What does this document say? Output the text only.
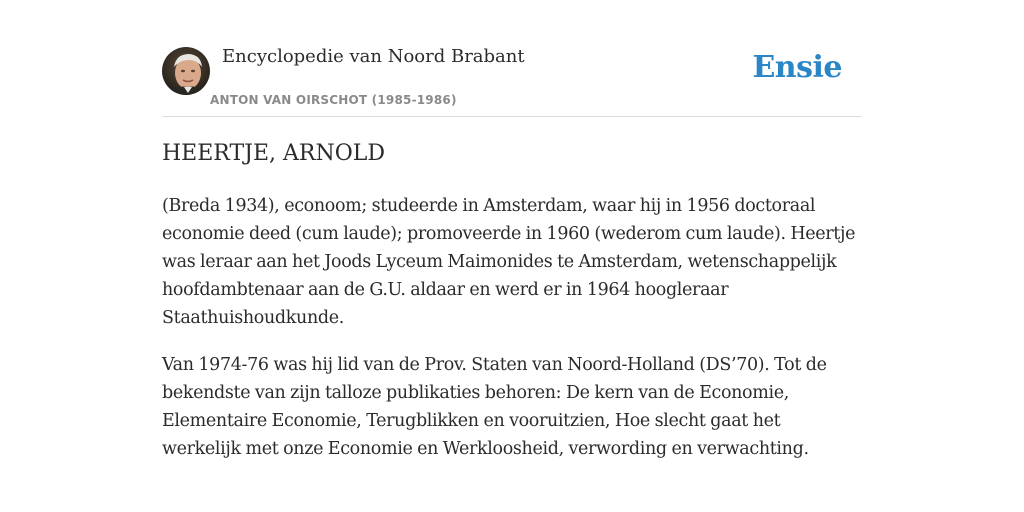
Encyclopedie van Noord Brabant
ANTON VAN OIRSCHOT (1985-1986)
Ensie
HEERTJE, ARNOLD

(Breda 1934), econoom; studeerde in Amsterdam, waar hij in 1956 doctoraal economie deed (cum laude); promoveerde in 1960 (wederom cum laude). Heertje was leraar aan het Joods Lyceum Maimonides te Amsterdam, wetenschappelijk hoofdambtenaar aan de G.U. aldaar en werd er in 1964 hoogleraar Staathuishoudkunde.

Van 1974-76 was hij lid van de Prov. Staten van Noord-Holland (DS’70). Tot de bekendste van zijn talloze publikaties behoren: De kern van de Economie, Elementaire Economie, Terugblikken en vooruitzien, Hoe slecht gaat het werkelijk met onze Economie en Werkloosheid, verwording en verwachting.
